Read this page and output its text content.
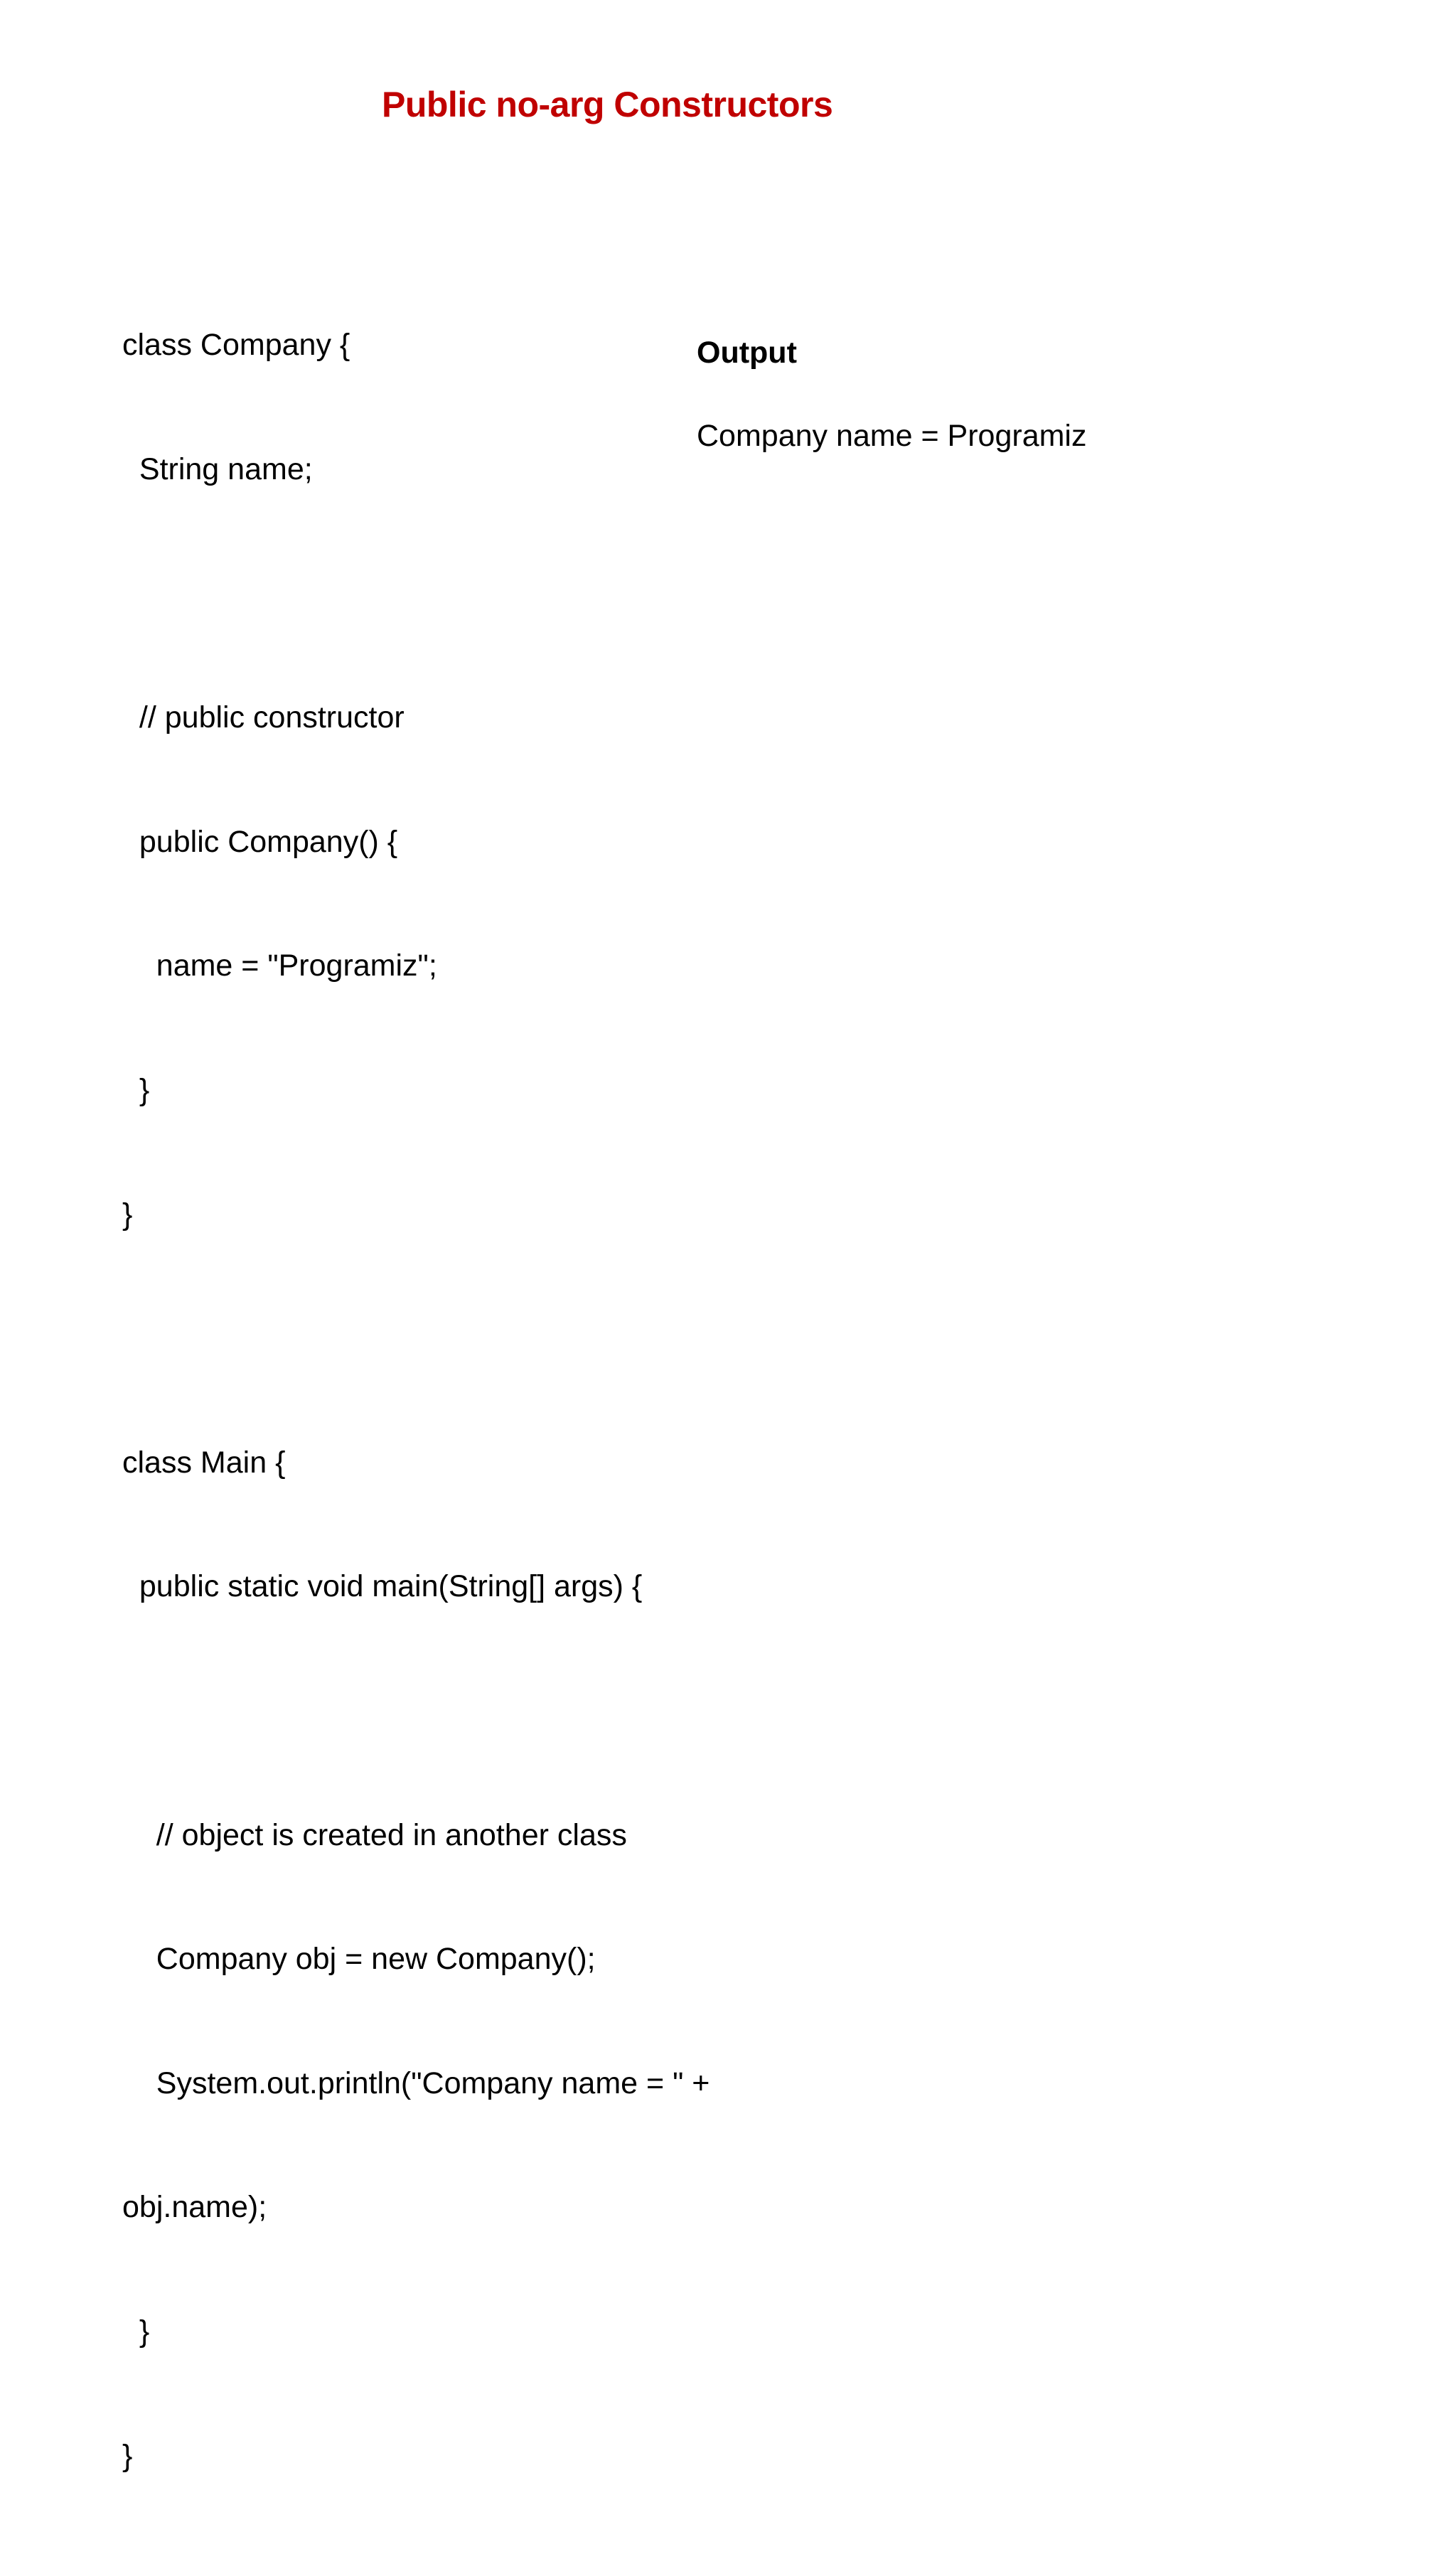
Public no-arg Constructors

class Company {

String name;

// public constructor

public Company() {

name = "Programiz";

}

}

class Main {

public static void main(String[] args) {

// object is created in another class

Company obj = new Company();

System.out.println("Company name = " +

obj.name);

}

}

Output
Company name = Programiz
